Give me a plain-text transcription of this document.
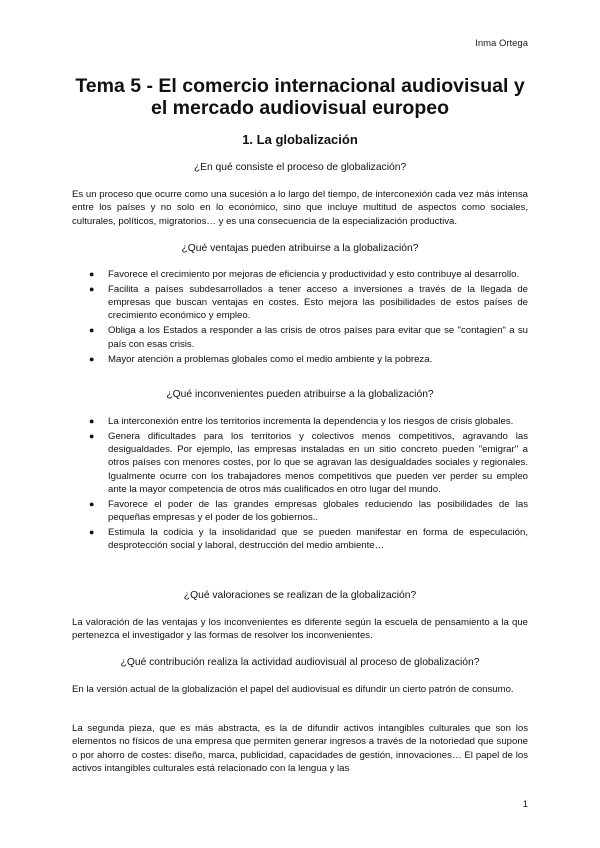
Inma Ortega
Tema 5 - El comercio internacional audiovisual y el mercado audiovisual europeo
1. La globalización

¿En qué consiste el proceso de globalización?

Es un proceso que ocurre como una sucesión a lo largo del tiempo, de interconexión cada vez más intensa entre los países y no solo en lo económico, sino que incluye multitud de aspectos como sociales, culturales, políticos, migratorios… y es una consecuencia de la especialización productiva.

¿Qué ventajas pueden atribuirse a la globalización?

● Favorece el crecimiento por mejoras de eficiencia y productividad y esto contribuye al desarrollo.
● Facilita a países subdesarrollados a tener acceso a inversiones a través de la llegada de empresas que buscan ventajas en costes. Esto mejora las posibilidades de estos países de crecimiento económico y empleo.
● Obliga a los Estados a responder a las crisis de otros países para evitar que se "contagien" a su país con esas crisis.
● Mayor atención a problemas globales como el medio ambiente y la pobreza.

¿Qué inconvenientes pueden atribuirse a la globalización?

● La interconexión entre los territorios incrementa la dependencia y los riesgos de crisis globales.
● Genera dificultades para los territorios y colectivos menos competitivos, agravando las desigualdades. Por ejemplo, las empresas instaladas en un sitio concreto pueden "emigrar" a otros países con menores costes, por lo que se agravan las desigualdades sociales y regionales. Igualmente ocurre con los trabajadores menos competitivos que pueden ver perder su empleo ante la mayor competencia de otros más cualificados en otro lugar del mundo.
● Favorece el poder de las grandes empresas globales reduciendo las posibilidades de las pequeñas empresas y el poder de los gobiernos..
● Estimula la codicia y la insolidaridad que se pueden manifestar en forma de especulación, desprotección social y laboral, destrucción del medio ambiente…

¿Qué valoraciones se realizan de la globalización?

La valoración de las ventajas y los inconvenientes es diferente según la escuela de pensamiento a la que pertenezca el investigador y las formas de resolver los inconvenientes.

¿Qué contribución realiza la actividad audiovisual al proceso de globalización?

En la versión actual de la globalización el papel del audiovisual es difundir un cierto patrón de consumo.

La segunda pieza, que es más abstracta, es la de difundir activos intangibles culturales que son los elementos no físicos de una empresa que permiten generar ingresos a través de la notoriedad que supone o por ahorro de costes: diseño, marca, publicidad, capacidades de gestión, innovaciones… El papel de los activos intangibles culturales está relacionado con la lengua y las

1
